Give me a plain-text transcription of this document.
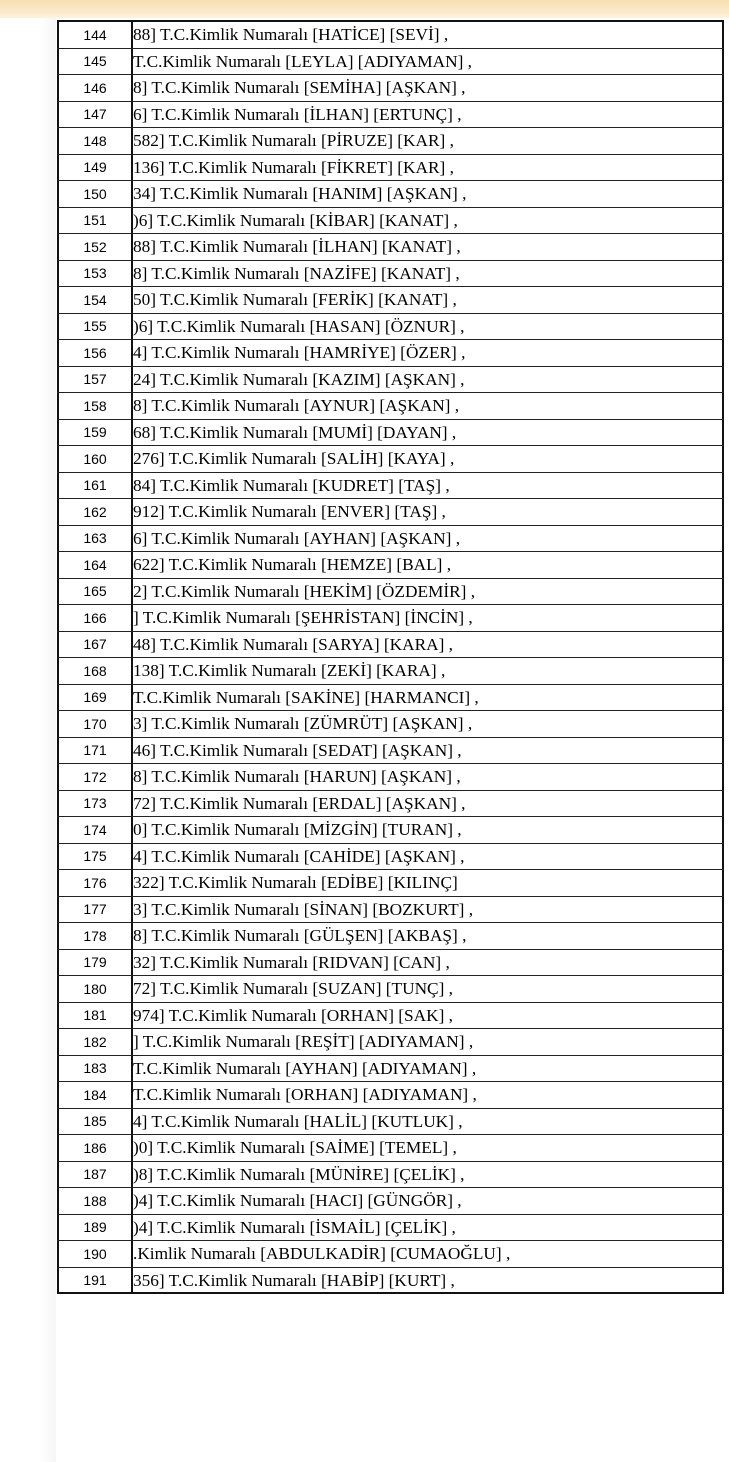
144	88] T.C.Kimlik Numaralı [HATİCE] [SEVİ] ,
145	T.C.Kimlik Numaralı [LEYLA] [ADIYAMAN] ,
146	8] T.C.Kimlik Numaralı [SEMİHA] [AŞKAN] ,
147	6] T.C.Kimlik Numaralı [İLHAN] [ERTUNÇ] ,
148	582] T.C.Kimlik Numaralı [PİRUZE] [KAR] ,
149	136] T.C.Kimlik Numaralı [FİKRET] [KAR] ,
150	34] T.C.Kimlik Numaralı [HANIM] [AŞKAN] ,
151	)6] T.C.Kimlik Numaralı [KİBAR] [KANAT] ,
152	88] T.C.Kimlik Numaralı [İLHAN] [KANAT] ,
153	8] T.C.Kimlik Numaralı [NAZİFE] [KANAT] ,
154	50] T.C.Kimlik Numaralı [FERİK] [KANAT] ,
155	)6] T.C.Kimlik Numaralı [HASAN] [ÖZNUR] ,
156	4] T.C.Kimlik Numaralı [HAMRİYE] [ÖZER] ,
157	24] T.C.Kimlik Numaralı [KAZIM] [AŞKAN] ,
158	8] T.C.Kimlik Numaralı [AYNUR] [AŞKAN] ,
159	68] T.C.Kimlik Numaralı [MUMİ] [DAYAN] ,
160	276] T.C.Kimlik Numaralı [SALİH] [KAYA] ,
161	84] T.C.Kimlik Numaralı [KUDRET] [TAŞ] ,
162	912] T.C.Kimlik Numaralı [ENVER] [TAŞ] ,
163	6] T.C.Kimlik Numaralı [AYHAN] [AŞKAN] ,
164	622] T.C.Kimlik Numaralı [HEMZE] [BAL] ,
165	2] T.C.Kimlik Numaralı [HEKİM] [ÖZDEMİR] ,
166	] T.C.Kimlik Numaralı [ŞEHRİSTAN] [İNCİN] ,
167	48] T.C.Kimlik Numaralı [SARYA] [KARA] ,
168	138] T.C.Kimlik Numaralı [ZEKİ] [KARA] ,
169	T.C.Kimlik Numaralı [SAKİNE] [HARMANCI] ,
170	3] T.C.Kimlik Numaralı [ZÜMRÜT] [AŞKAN] ,
171	46] T.C.Kimlik Numaralı [SEDAT] [AŞKAN] ,
172	8] T.C.Kimlik Numaralı [HARUN] [AŞKAN] ,
173	72] T.C.Kimlik Numaralı [ERDAL] [AŞKAN] ,
174	0] T.C.Kimlik Numaralı [MİZGİN] [TURAN] ,
175	4] T.C.Kimlik Numaralı [CAHİDE] [AŞKAN] ,
176	322] T.C.Kimlik Numaralı [EDİBE] [KILINÇ]
177	3] T.C.Kimlik Numaralı [SİNAN] [BOZKURT] ,
178	8] T.C.Kimlik Numaralı [GÜLŞEN] [AKBAŞ] ,
179	32] T.C.Kimlik Numaralı [RIDVAN] [CAN] ,
180	72] T.C.Kimlik Numaralı [SUZAN] [TUNÇ] ,
181	974] T.C.Kimlik Numaralı [ORHAN] [SAK] ,
182	] T.C.Kimlik Numaralı [REŞİT] [ADIYAMAN] ,
183	T.C.Kimlik Numaralı [AYHAN] [ADIYAMAN] ,
184	T.C.Kimlik Numaralı [ORHAN] [ADIYAMAN] ,
185	4] T.C.Kimlik Numaralı [HALİL] [KUTLUK] ,
186	)0] T.C.Kimlik Numaralı [SAİME] [TEMEL] ,
187	)8] T.C.Kimlik Numaralı [MÜNİRE] [ÇELİK] ,
188	)4] T.C.Kimlik Numaralı [HACI] [GÜNGÖR] ,
189	)4] T.C.Kimlik Numaralı [İSMAİL] [ÇELİK] ,
190	.Kimlik Numaralı [ABDULKADİR] [CUMAOĞLU] ,
191	356] T.C.Kimlik Numaralı [HABİP] [KURT] ,
